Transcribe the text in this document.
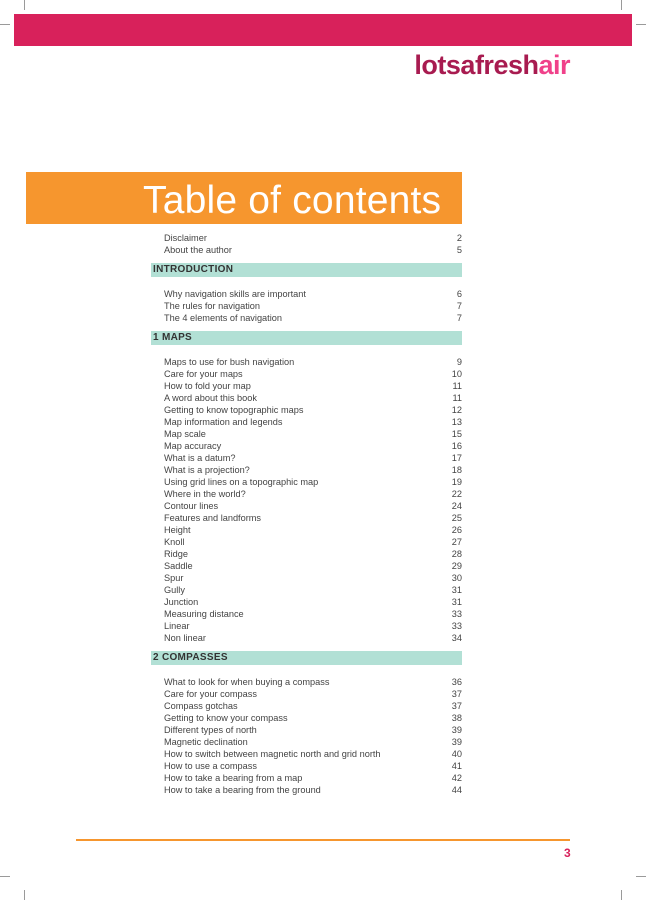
lotsafreshair
Table of contents
Disclaimer	2
About the author	5
INTRODUCTION
Why navigation skills are important	6
The rules for navigation	7
The 4 elements of navigation	7
1 MAPS
Maps to use for bush navigation	9
Care for your maps	10
How to fold your map	11
A word about this book	11
Getting to know topographic maps	12
Map information and legends	13
Map scale	15
Map accuracy	16
What is a datum?	17
What is a projection?	18
Using grid lines on a topographic map	19
Where in the world?	22
Contour lines	24
Features and landforms	25
Height	26
Knoll	27
Ridge	28
Saddle	29
Spur	30
Gully	31
Junction	31
Measuring distance	33
Linear	33
Non linear	34
2 COMPASSES
What to look for when buying a compass	36
Care for your compass	37
Compass gotchas	37
Getting to know your compass	38
Different types of north	39
Magnetic declination	39
How to switch between magnetic north and grid north	40
How to use a compass	41
How to take a bearing from a map	42
How to take a bearing from the ground	44
3
